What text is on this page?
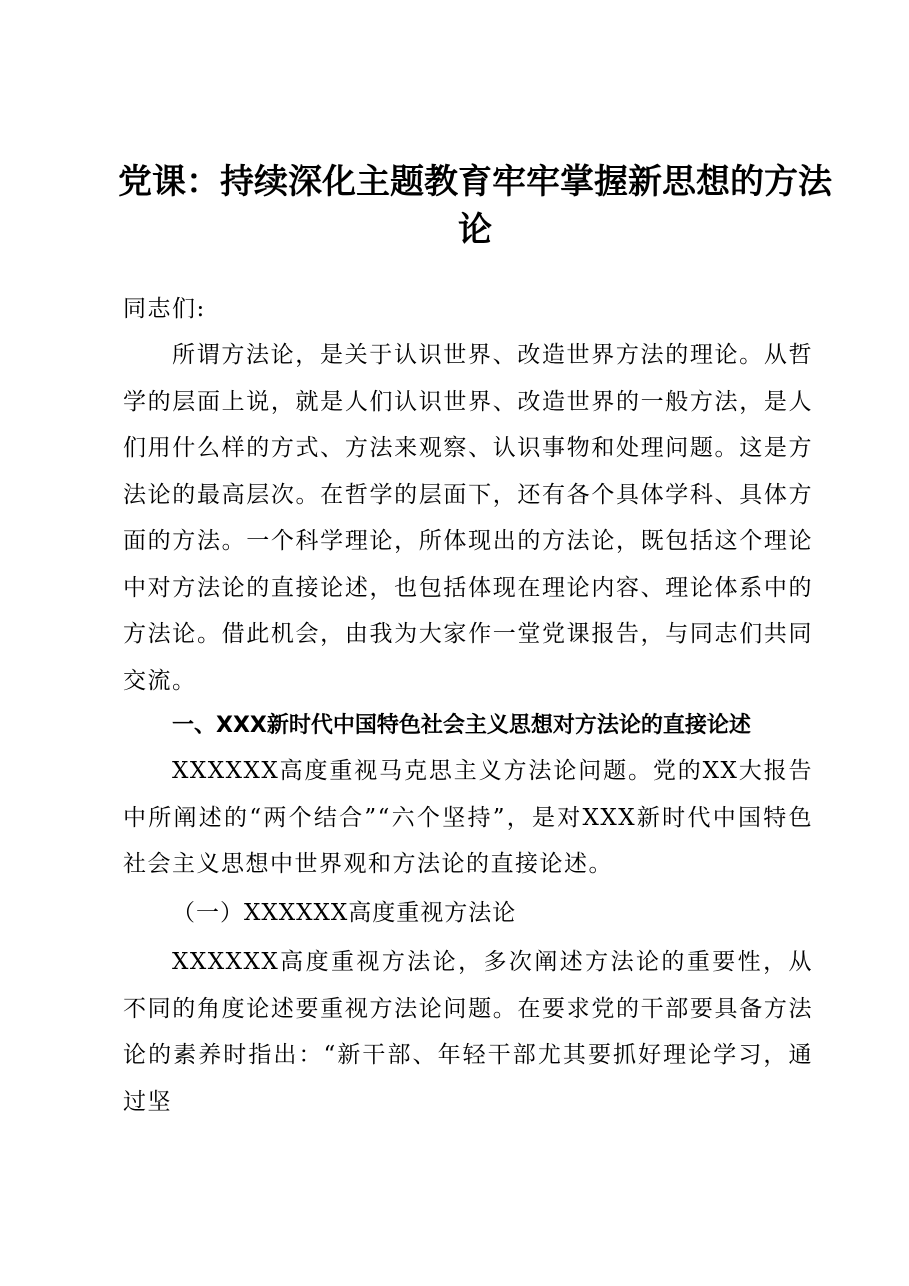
党课：持续深化主题教育牢牢掌握新思想的方法论
同志们:
所谓方法论，是关于认识世界、改造世界方法的理论。从哲学的层面上说，就是人们认识世界、改造世界的一般方法，是人们用什么样的方式、方法来观察、认识事物和处理问题。这是方法论的最高层次。在哲学的层面下，还有各个具体学科、具体方面的方法。一个科学理论，所体现出的方法论，既包括这个理论中对方法论的直接论述，也包括体现在理论内容、理论体系中的方法论。借此机会，由我为大家作一堂党课报告，与同志们共同交流。
一、XXX新时代中国特色社会主义思想对方法论的直接论述
XXXXXX高度重视马克思主义方法论问题。党的XX大报告中所阐述的“两个结合”“六个坚持”，是对XXX新时代中国特色社会主义思想中世界观和方法论的直接论述。
（一）XXXXXX高度重视方法论
XXXXXX高度重视方法论，多次阐述方法论的重要性，从不同的角度论述要重视方法论问题。在要求党的干部要具备方法论的素养时指出：“新干部、年轻干部尤其要抓好理论学习，通过坚
